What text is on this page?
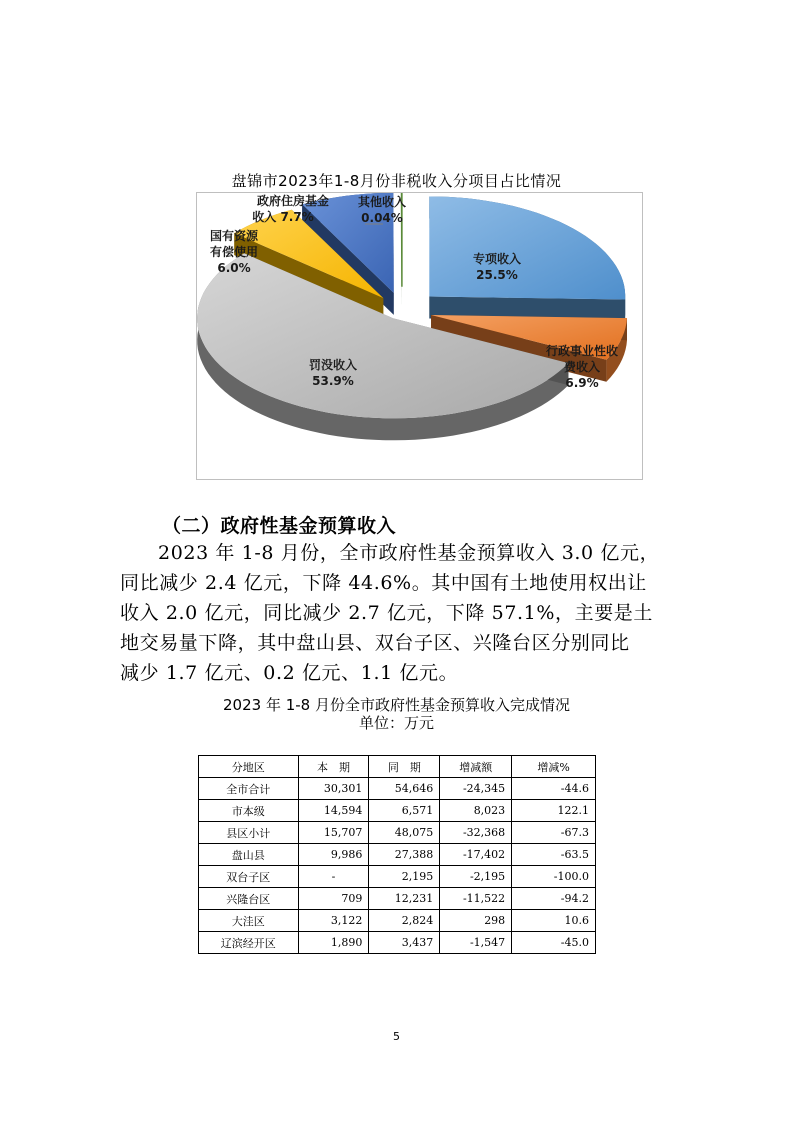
盘锦市2023年1-8月份非税收入分项目占比情况
专项收入 25.5%
行政事业性收费收入 6.9%
罚没收入 53.9%
国有资源有偿使用 6.0%
政府住房基金收入 7.7%
其他收入 0.04%
（二）政府性基金预算收入
2023 年 1-8 月份，全市政府性基金预算收入 3.0 亿元，
同比减少 2.4 亿元，下降 44.6%。其中国有土地使用权出让
收入 2.0 亿元，同比减少 2.7 亿元，下降 57.1%，主要是土
地交易量下降，其中盘山县、双台子区、兴隆台区分别同比
减少 1.7 亿元、0.2 亿元、1.1 亿元。
2023 年 1-8 月份全市政府性基金预算收入完成情况
单位：万元
分地区	本　期	同　期	增减额	增减%
全市合计	30,301	54,646	-24,345	-44.6
市本级	14,594	6,571	8,023	122.1
县区小计	15,707	48,075	-32,368	-67.3
盘山县	9,986	27,388	-17,402	-63.5
双台子区	-	2,195	-2,195	-100.0
兴隆台区	709	12,231	-11,522	-94.2
大洼区	3,122	2,824	298	10.6
辽滨经开区	1,890	3,437	-1,547	-45.0
5
